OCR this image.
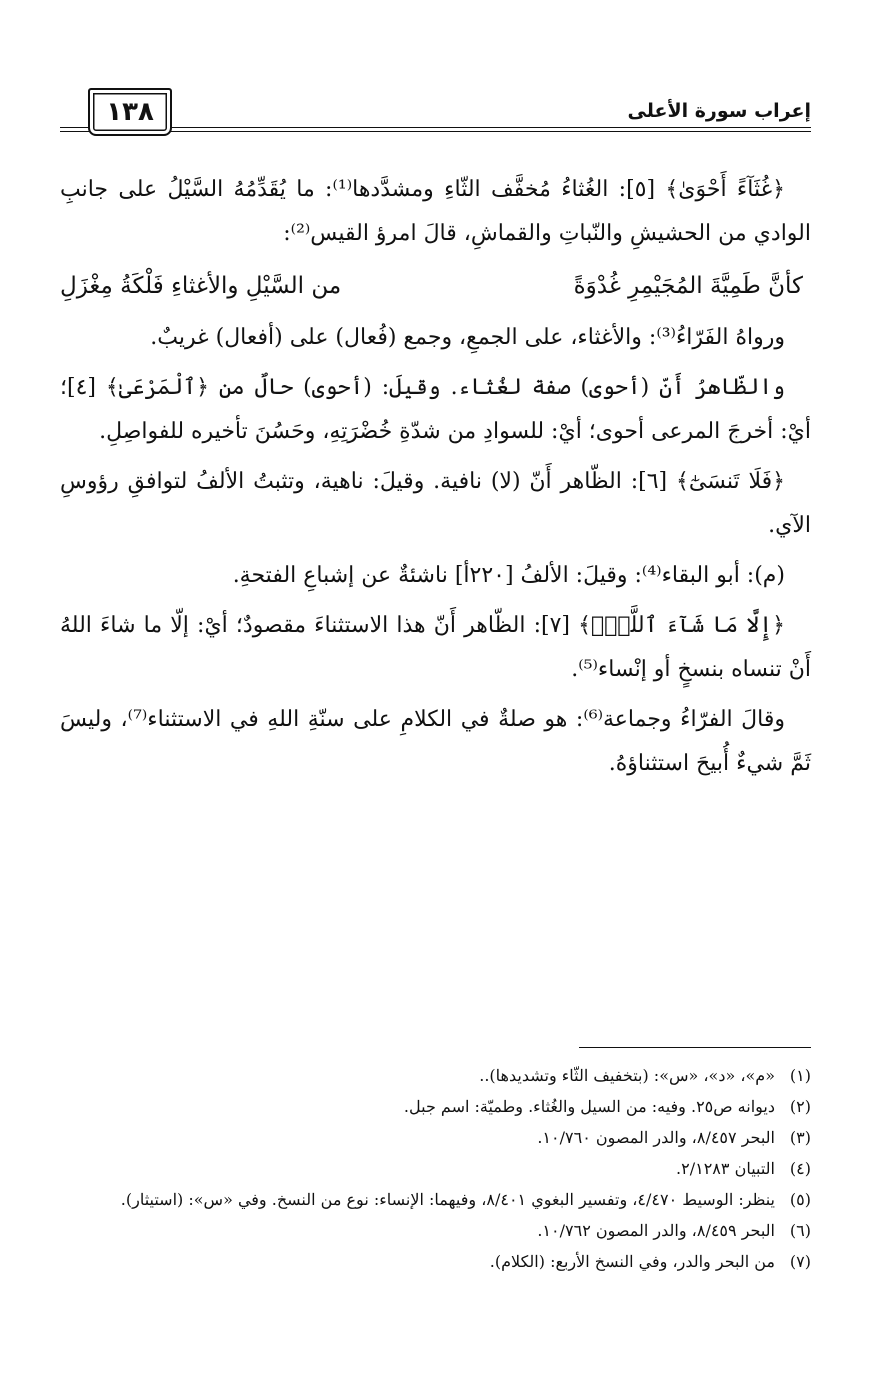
إعراب سورة الأعلى
١٣٨

﴿غُثَآءً أَحْوَىٰ﴾ [٥]: الغُثاءُ مُخفَّف الثّاءِ ومشدَّدها⁽¹⁾: ما يُقَدِّمُهُ السَّيْلُ على جانبِ الوادي من الحشيشِ والنّباتِ والقماشِ، قالَ امرؤ القيس⁽²⁾:

كأنَّ طَمِيَّةَ المُجَيْمِرِ غُدْوَةً
من السَّيْلِ والأغثاءِ فَلْكَةُ مِغْزَلِ

ورواهُ الفَرّاءُ⁽³⁾: والأغثاء، على الجمعِ، وجمع (فُعال) على (أفعال) غريبٌ.

والظّاهرُ أَنّ (أحوى) صفة لغُثاء. وقيلَ: (أحوى) حالٌ من ﴿ٱلْمَرْعَىٰ﴾ [٤]؛ أيْ: أخرجَ المرعى أحوى؛ أيْ: للسوادِ من شدّةِ خُضْرَتِهِ، وحَسُنَ تأخيره للفواصِلِ.

﴿فَلَا تَنسَىٰٓ﴾ [٦]: الظّاهر أَنّ (لا) نافية. وقيلَ: ناهية، وتثبتُ الألفُ لتوافقِ رؤوسِ الآي.

(م): أبو البقاء⁽⁴⁾: وقيلَ: الألفُ [٢٢٠أ] ناشئةٌ عن إشباعِ الفتحةِ.

﴿إِلَّا مَا شَآءَ ٱللَّهُۚ﴾ [٧]: الظّاهر أَنّ هذا الاستثناءَ مقصودٌ؛ أيْ: إلّا ما شاءَ اللهُ أَنْ تنساه بنسخٍ أو إنْساء⁽⁵⁾.

وقالَ الفرّاءُ وجماعة⁽⁶⁾: هو صلةٌ في الكلامِ على سنّةِ اللهِ في الاستثناء⁽⁷⁾، وليسَ ثَمَّ شيءٌ أُبيحَ استثناؤهُ.

(١)
«م»، «د»، «س»: (بتخفيف الثّاء وتشديدها)..
(٢)
ديوانه ص٢٥. وفيه: من السيل والغُثاء. وطميّة: اسم جبل.
(٣)
البحر ٨/٤٥٧، والدر المصون ١٠/٧٦٠.
(٤)
التبيان ٢/١٢٨٣.
(٥)
ينظر: الوسيط ٤/٤٧٠، وتفسير البغوي ٨/٤٠١، وفيهما: الإنساء: نوع من النسخ. وفي «س»: (استيثار).
(٦)
البحر ٨/٤٥٩، والدر المصون ١٠/٧٦٢.
(٧)
من البحر والدر، وفي النسخ الأربع: (الكلام).
